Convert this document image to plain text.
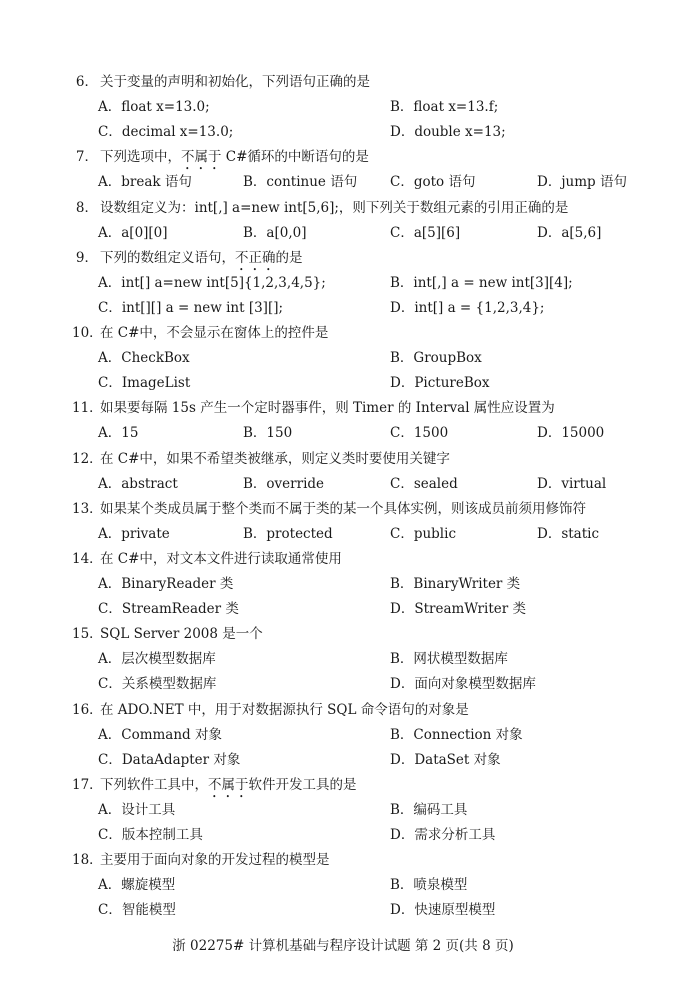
6． 关于变量的声明和初始化，下列语句正确的是
A．float x=13.0;	B．float x=13.f;
C．decimal x=13.0;	D．double x=13;
7． 下列选项中，不属于 C#循环的中断语句的是
A．break 语句	B．continue 语句 C．goto 语句	D．jump 语句
8． 设数组定义为：int[,] a=new int[5,6];，则下列关于数组元素的引用正确的是
A．a[0][0]	B．a[0,0]	C．a[5][6]	D．a[5,6]
9． 下列的数组定义语句，不正确的是
A．int[] a=new int[5]{1,2,3,4,5};	B．int[,] a = new int[3][4];
C．int[][] a = new int [3][];	D．int[] a = {1,2,3,4};
10．在 C#中，不会显示在窗体上的控件是
A．CheckBox	B．GroupBox
C．ImageList	D．PictureBox
11．如果要每隔 15s 产生一个定时器事件，则 Timer 的 Interval 属性应设置为
A．15	B．150	C．1500	D．15000
12．在 C#中，如果不希望类被继承，则定义类时要使用关键字
A．abstract	B．override	C．sealed	D．virtual
13．如果某个类成员属于整个类而不属于类的某一个具体实例，则该成员前须用修饰符
A．private	B．protected	C．public	D．static
14．在 C#中，对文本文件进行读取通常使用
A．BinaryReader 类	B．BinaryWriter 类
C．StreamReader 类	D．StreamWriter 类
15．SQL Server 2008 是一个
A．层次模型数据库	B．网状模型数据库
C．关系模型数据库	D．面向对象模型数据库
16．在 ADO.NET 中，用于对数据源执行 SQL 命令语句的对象是
A．Command 对象	B．Connection 对象
C．DataAdapter 对象	D．DataSet 对象
17．下列软件工具中，不属于软件开发工具的是
A．设计工具	B．编码工具
C．版本控制工具	D．需求分析工具
18．主要用于面向对象的开发过程的模型是
A．螺旋模型	B．喷泉模型
C．智能模型	D．快速原型模型
浙 02275# 计算机基础与程序设计试题 第 2 页(共 8 页)
